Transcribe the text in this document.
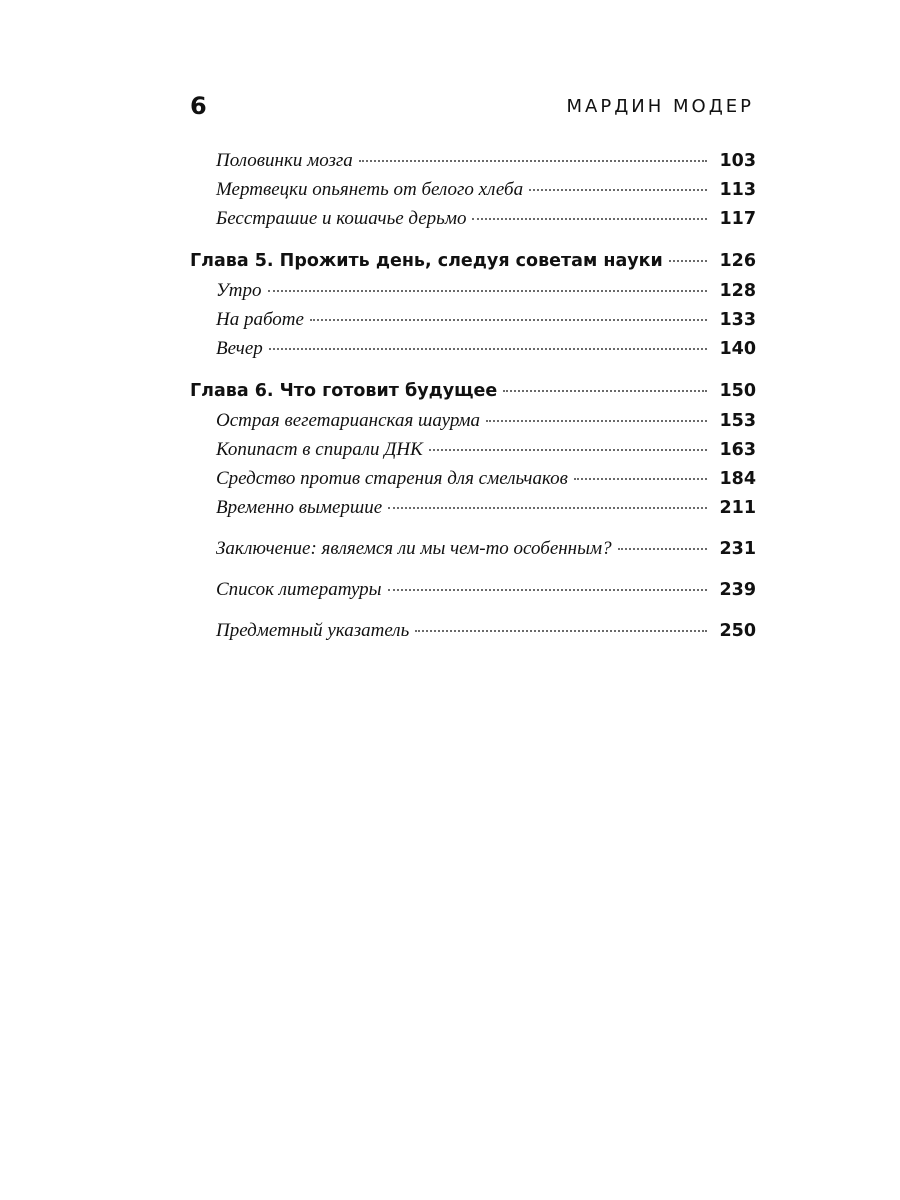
6	МАРДИН МОДЕР
Половинки мозга	103
Мертвецки опьянеть от белого хлеба	113
Бесстрашие и кошачье дерьмо	117
Глава 5. Прожить день, следуя советам науки	126
Утро	128
На работе	133
Вечер	140
Глава 6. Что готовит будущее	150
Острая вегетарианская шаурма	153
Копипаст в спирали ДНК	163
Средство против старения для смельчаков	184
Временно вымершие	211
Заключение: являемся ли мы чем-то особенным?	231
Список литературы	239
Предметный указатель	250
